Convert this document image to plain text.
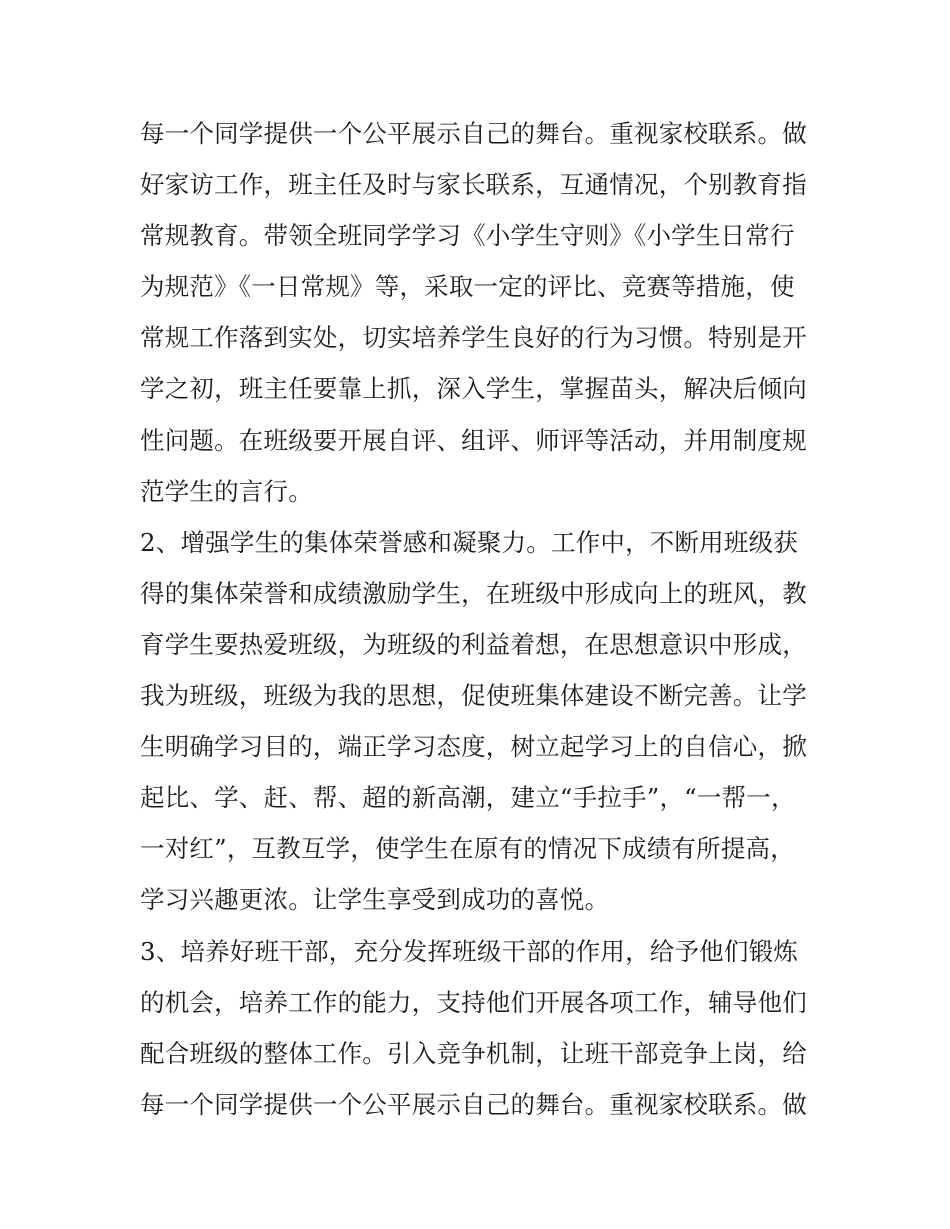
每一个同学提供一个公平展示自己的舞台。重视家校联系。做
好家访工作，班主任及时与家长联系，互通情况，个别教育指
常规教育。带领全班同学学习《小学生守则》《小学生日常行
为规范》《一日常规》等，采取一定的评比、竞赛等措施，使
常规工作落到实处，切实培养学生良好的行为习惯。特别是开
学之初，班主任要靠上抓，深入学生，掌握苗头，解决后倾向
性问题。在班级要开展自评、组评、师评等活动，并用制度规
范学生的言行。
2、增强学生的集体荣誉感和凝聚力。工作中，不断用班级获
得的集体荣誉和成绩激励学生，在班级中形成向上的班风，教
育学生要热爱班级，为班级的利益着想，在思想意识中形成，
我为班级，班级为我的思想，促使班集体建设不断完善。让学
生明确学习目的，端正学习态度，树立起学习上的自信心，掀
起比、学、赶、帮、超的新高潮，建立“手拉手”，“一帮一，
一对红”，互教互学，使学生在原有的情况下成绩有所提高，
学习兴趣更浓。让学生享受到成功的喜悦。
3、培养好班干部，充分发挥班级干部的作用，给予他们锻炼
的机会，培养工作的能力，支持他们开展各项工作，辅导他们
配合班级的整体工作。引入竞争机制，让班干部竞争上岗，给
每一个同学提供一个公平展示自己的舞台。重视家校联系。做
